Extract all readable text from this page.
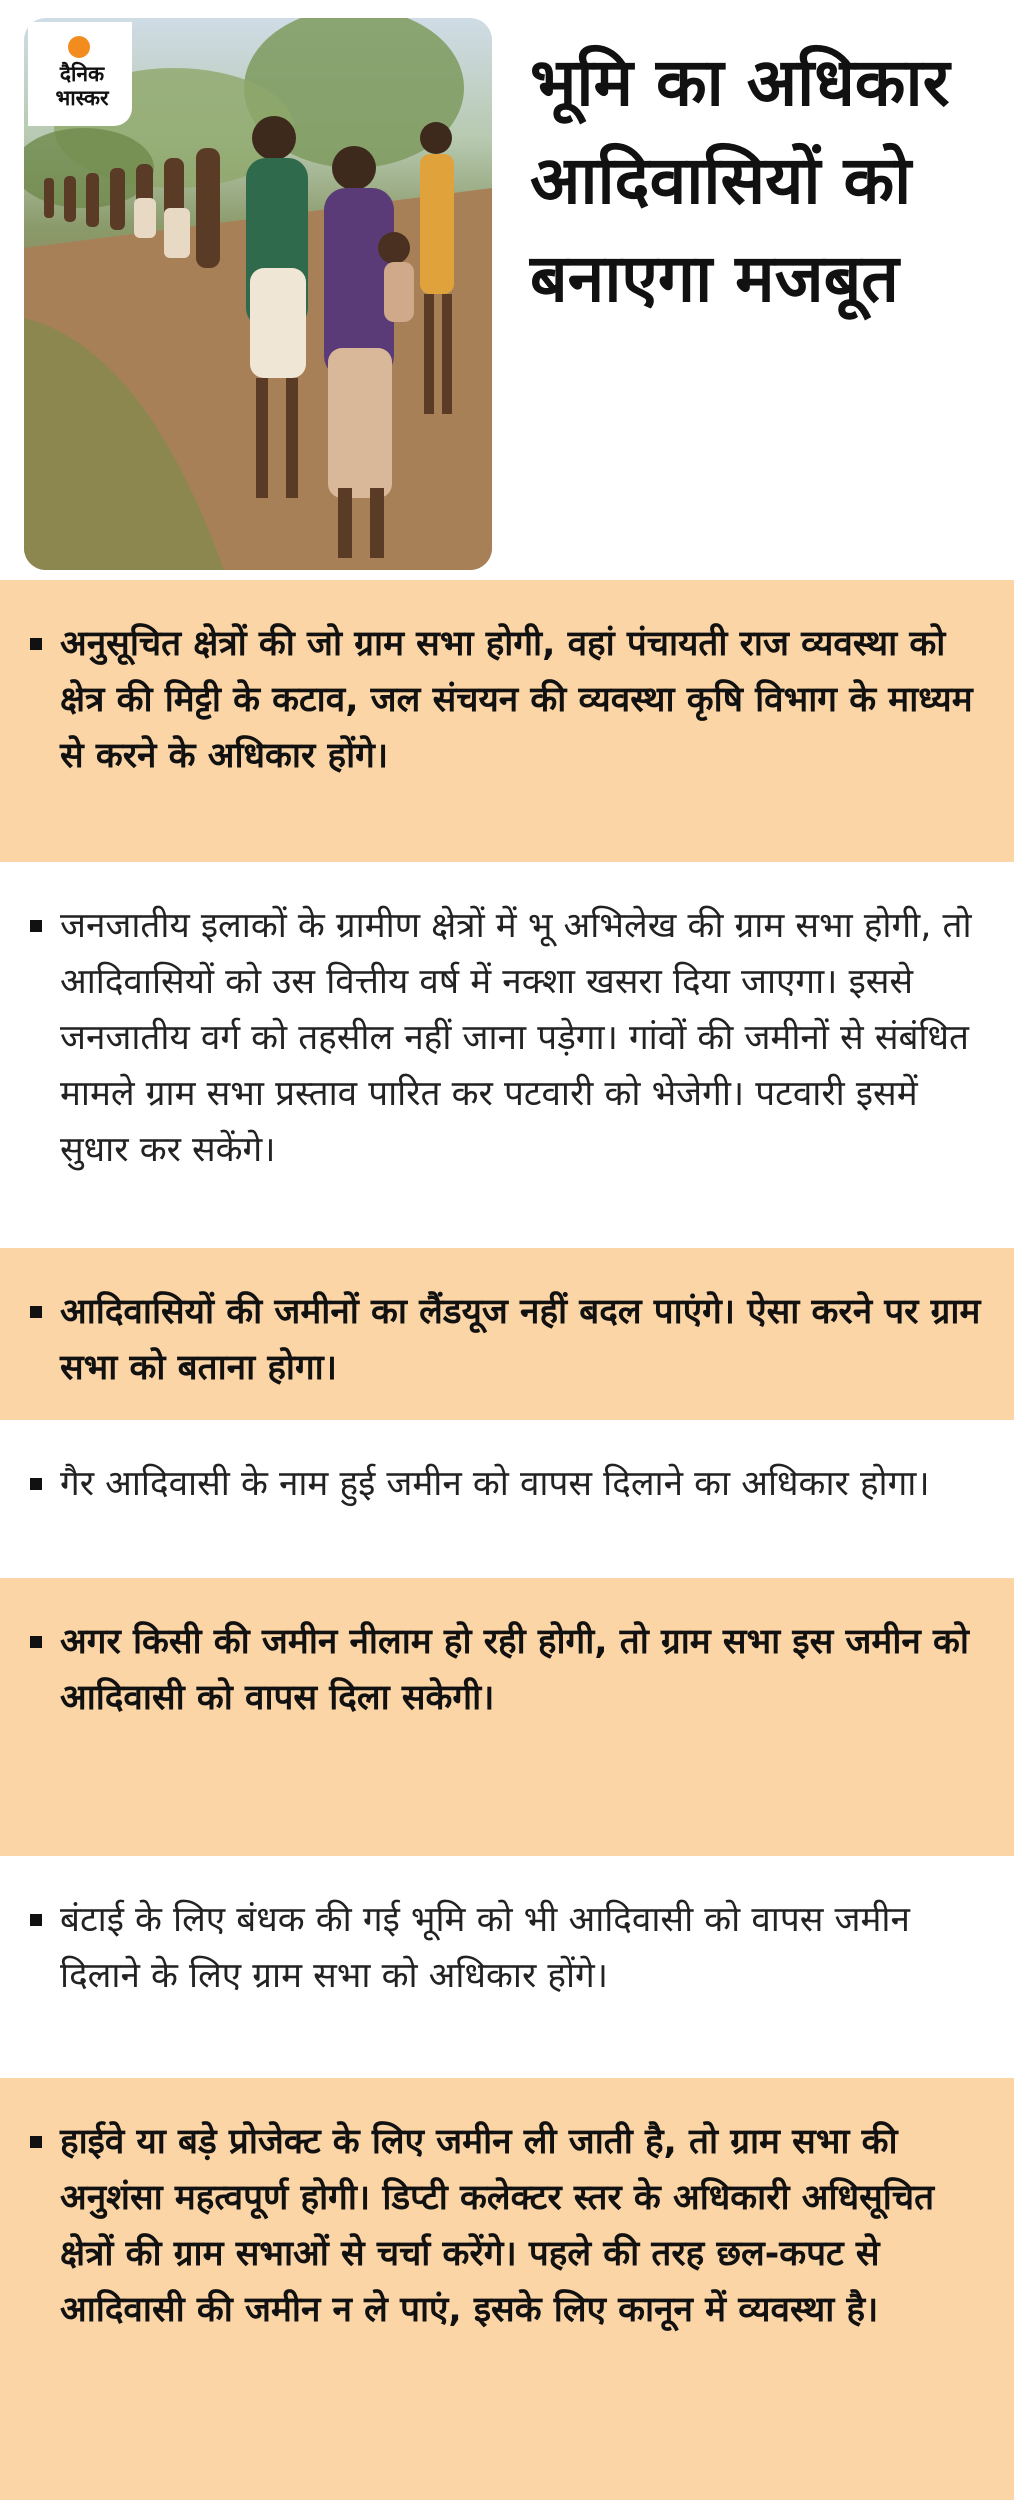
दैनिक
भास्कर	भूमि का अधिकार आदिवासियों को बनाएगा मजबूत
अनुसूचित क्षेत्रों की जो ग्राम सभा होगी, वहां पंचायती राज व्यवस्था को क्षेत्र की मिट्टी के कटाव, जल संचयन की व्यवस्था कृषि विभाग के माध्यम से करने के अधिकार होंगे।
जनजातीय इलाकों के ग्रामीण क्षेत्रों में भू अभिलेख की ग्राम सभा होगी, तो आदिवासियों को उस वित्तीय वर्ष में नक्शा खसरा दिया जाएगा। इससे जनजातीय वर्ग को तहसील नहीं जाना पड़ेगा। गांवों की जमीनों से संबंधित मामले ग्राम सभा प्रस्ताव पारित कर पटवारी को भेजेगी। पटवारी इसमें सुधार कर सकेंगे।
आदिवासियों की जमीनों का लैंडयूज नहीं बदल पाएंगे। ऐसा करने पर ग्राम सभा को बताना होगा।
गैर आदिवासी के नाम हुई जमीन को वापस दिलाने का अधिकार होगा।
अगर किसी की जमीन नीलाम हो रही होगी, तो ग्राम सभा इस जमीन को आदिवासी को वापस दिला सकेगी।
बंटाई के लिए बंधक की गई भूमि को भी आदिवासी को वापस जमीन दिलाने के लिए ग्राम सभा को अधिकार होंगे।
हाईवे या बड़े प्रोजेक्ट के लिए जमीन ली जाती है, तो ग्राम सभा की अनुशंसा महत्वपूर्ण होगी। डिप्टी कलेक्टर स्तर के अधिकारी अधिसूचित क्षेत्रों की ग्राम सभाओं से चर्चा करेंगे। पहले की तरह छल-कपट से आदिवासी की जमीन न ले पाएं, इसके लिए कानून में व्यवस्था है।
